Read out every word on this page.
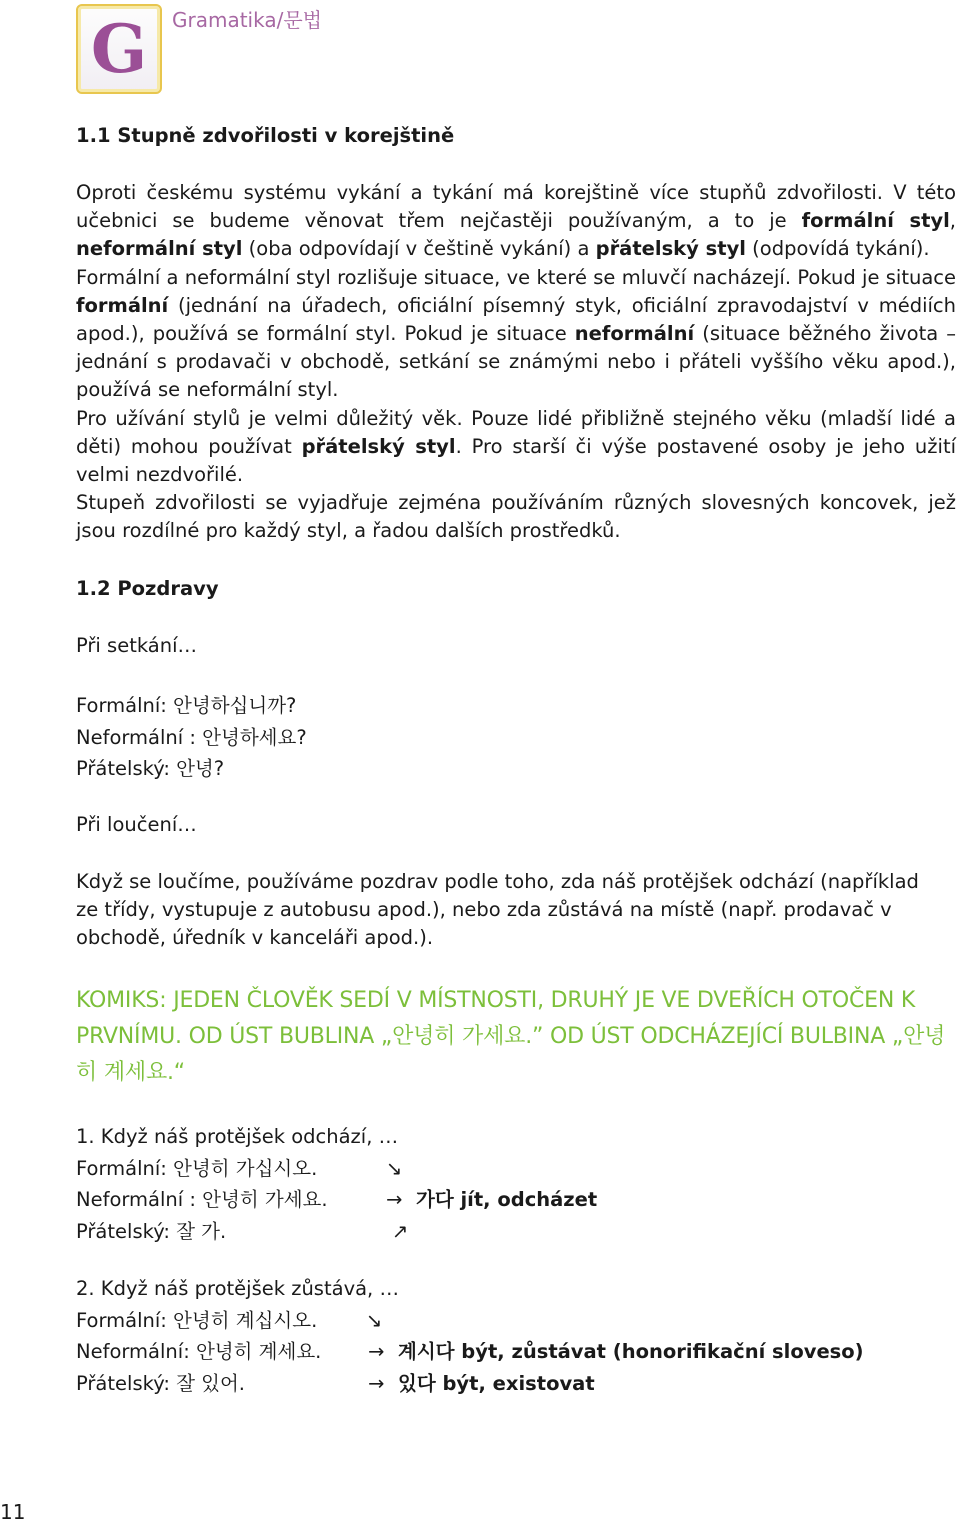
G	Gramatika/문법
1.1 Stupně zdvořilosti v korejštině

Oproti českému systému vykání a tykání má korejštině více stupňů zdvořilosti. V této učebnici se budeme věnovat třem nejčastěji používaným, a to je formální styl, neformální styl (oba odpovídají v češtině vykání) a přátelský styl (odpovídá tykání).

Formální a neformální styl rozlišuje situace, ve které se mluvčí nacházejí. Pokud je situace formální (jednání na úřadech, oficiální písemný styk, oficiální zpravodajství v médiích apod.), používá se formální styl. Pokud je situace neformální (situace běžného života – jednání s prodavači v obchodě, setkání se známými nebo i přáteli vyššího věku apod.), používá se neformální styl.

Pro užívání stylů je velmi důležitý věk. Pouze lidé přibližně stejného věku (mladší lidé a děti) mohou používat přátelský styl. Pro starší či výše postavené osoby je jeho užití velmi nezdvořilé.

Stupeň zdvořilosti se vyjadřuje zejména používáním různých slovesných koncovek, jež jsou rozdílné pro každý styl, a řadou dalších prostředků.

1.2 Pozdravy
Při setkání…
Formální: 안녕하십니까?
Neformální : 안녕하세요?
Přátelský: 안녕?
Při loučení…
Když se loučíme, používáme pozdrav podle toho, zda náš protějšek odchází (například ze třídy, vystupuje z autobusu apod.), nebo zda zůstává na místě (např. prodavač v obchodě, úředník v kanceláři apod.).
KOMIKS: JEDEN ČLOVĚK SEDÍ V MÍSTNOSTI, DRUHÝ JE VE DVEŘÍCH OTOČEN K PRVNÍMU. OD ÚST BUBLINA „안녕히 가세요.” OD ÚST ODCHÁZEJÍCÍ BULBINA „안녕히 계세요.“
1. Když náš protějšek odchází, …
Formální: 안녕히 가십시오.	↘
Neformální : 안녕히 가세요.	→ 가다 jít, odcházet
Přátelský: 잘 가.	↗
2. Když náš protějšek zůstává, …
Formální: 안녕히 계십시오. ↘
Neformální: 안녕히 계세요. → 계시다 být, zůstávat (honorifikační sloveso)
Přátelský: 잘 있어.	→ 있다 být, existovat
11
